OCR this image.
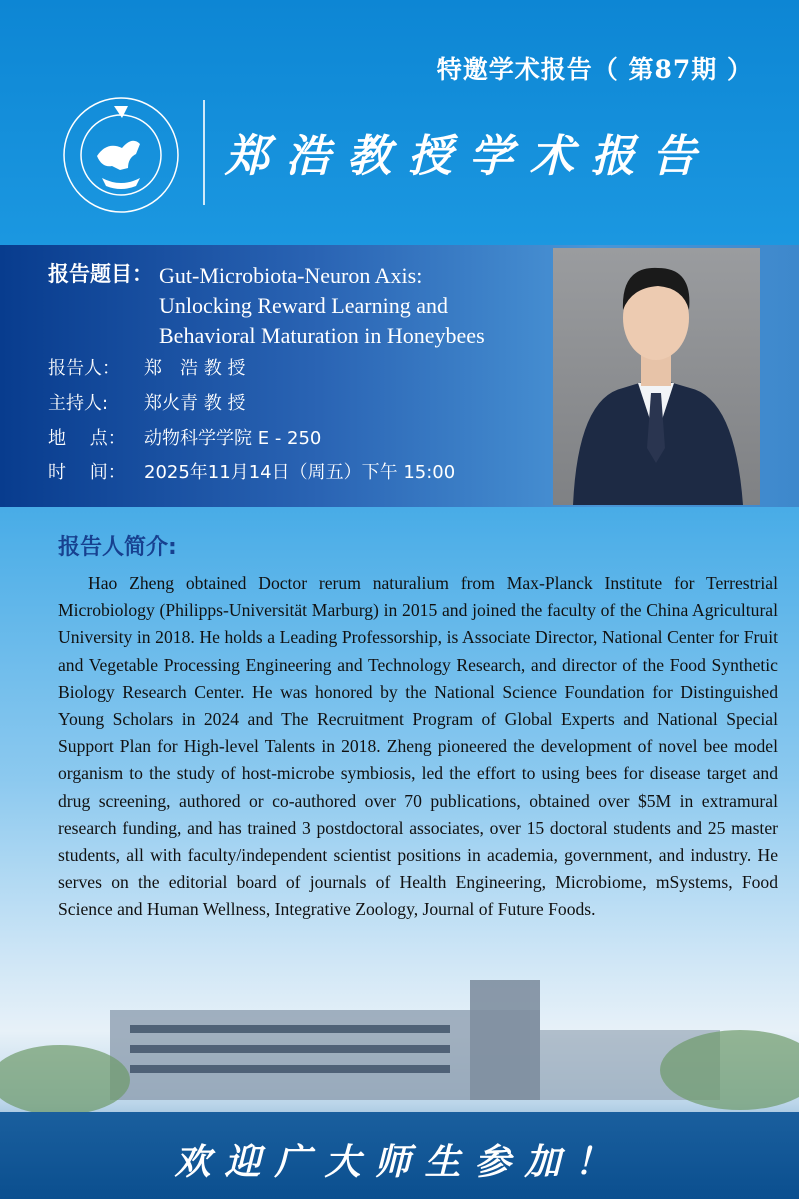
特邀学术报告（ 第87期 ）
郑浩教授学术报告
报告题目： Gut-Microbiota-Neuron Axis:
Unlocking Reward Learning and
Behavioral Maturation in Honeybees
报告人： 郑　浩 教 授
主持人: 郑火青 教 授
地　 点： 动物科学学院 E - 250
时　 间： 2025年11月14日（周五）下午 15:00
报告人简介:
Hao Zheng obtained Doctor rerum naturalium from Max-Planck Institute for Terrestrial Microbiology (Philipps-Universität Marburg) in 2015 and joined the faculty of the China Agricultural University in 2018. He holds a Leading Professorship, is Associate Director, National Center for Fruit and Vegetable Processing Engineering and Technology Research, and director of the Food Synthetic Biology Research Center. He was honored by the National Science Foundation for Distinguished Young Scholars in 2024 and The Recruitment Program of Global Experts and National Special Support Plan for High-level Talents in 2018. Zheng pioneered the development of novel bee model organism to the study of host-microbe symbiosis, led the effort to using bees for disease target and drug screening, authored or co-authored over 70 publications, obtained over $5M in extramural research funding, and has trained 3 postdoctoral associates, over 15 doctoral students and 25 master students, all with faculty/independent scientist positions in academia, government, and industry. He serves on the editorial board of journals of Health Engineering, Microbiome, mSystems, Food Science and Human Wellness, Integrative Zoology, Journal of Future Foods.
欢迎广大师生参加！
